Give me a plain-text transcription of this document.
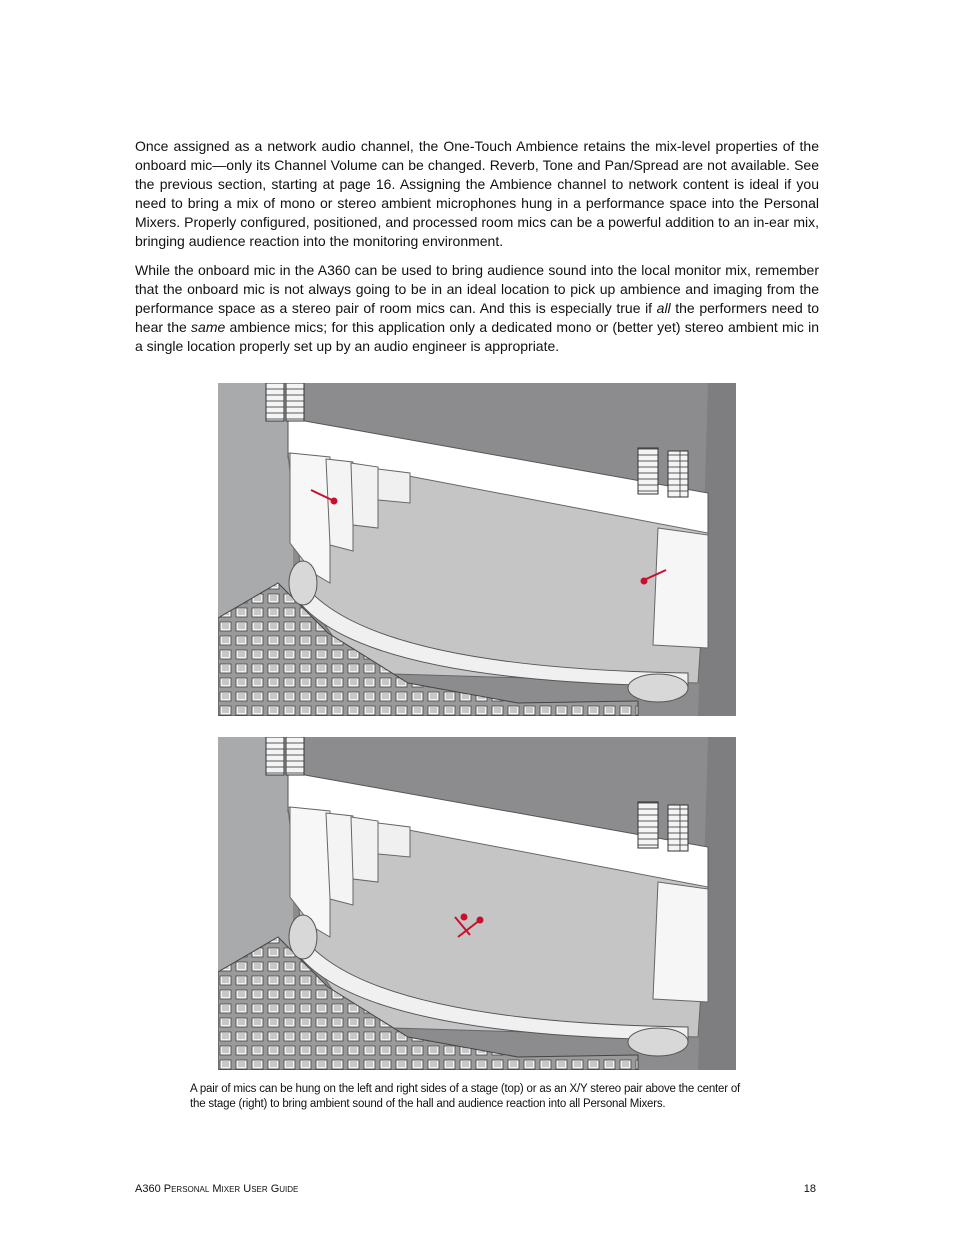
Once assigned as a network audio channel, the One-Touch Ambience retains the mix-level properties of the onboard mic—only its Channel Volume can be changed. Reverb, Tone and Pan/Spread are not available. See the previous section, starting at page 16. Assigning the Ambience channel to network content is ideal if you need to bring a mix of mono or stereo ambient microphones hung in a performance space into the Personal Mixers. Properly configured, positioned, and processed room mics can be a powerful addition to an in-ear mix, bringing audience reaction into the monitoring environment.

While the onboard mic in the A360 can be used to bring audience sound into the local monitor mix, remember that the onboard mic is not always going to be in an ideal location to pick up ambience and imaging from the performance space as a stereo pair of room mics can. And this is especially true if all the performers need to hear the same ambience mics; for this application only a dedicated mono or (better yet) stereo ambient mic in a single location properly set up by an audio engineer is appropriate.

A pair of mics can be hung on the left and right sides of a stage (top) or as an X/Y stereo pair above the center of the stage (right) to bring ambient sound of the hall and audience reaction into all Personal Mixers.

A360 Personal Mixer User Guide	18
